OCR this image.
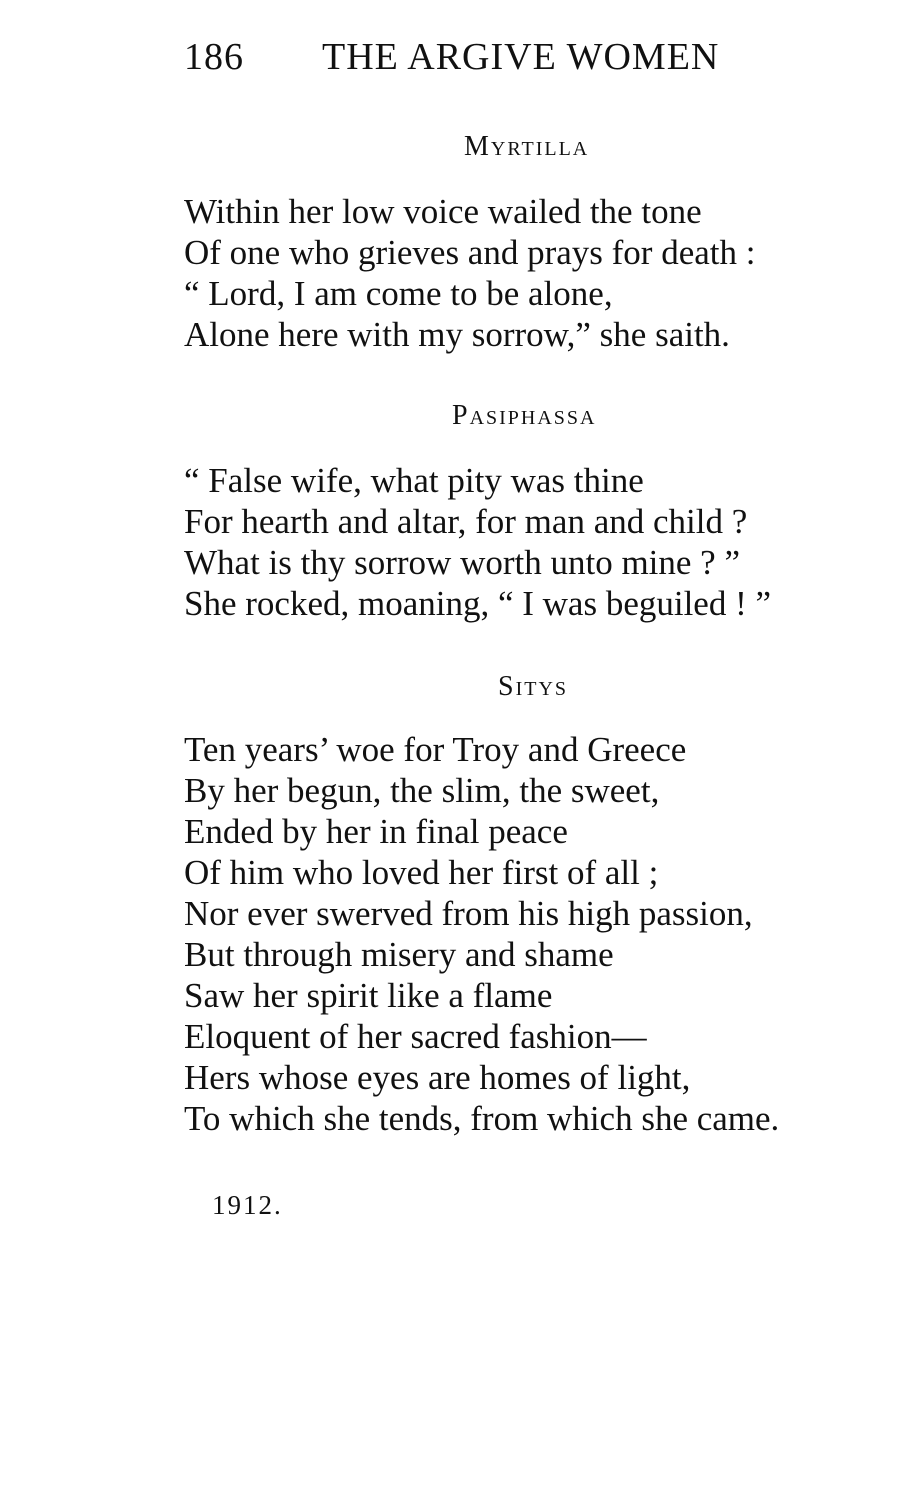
186 THE ARGIVE WOMEN
Myrtilla
Within her low voice wailed the tone
Of one who grieves and prays for death :
“ Lord, I am come to be alone,
Alone here with my sorrow,” she saith.
Pasiphassa
“ False wife, what pity was thine
For hearth and altar, for man and child ?
What is thy sorrow worth unto mine ? ”
She rocked, moaning, “ I was beguiled ! ”
Sitys
Ten years’ woe for Troy and Greece
By her begun, the slim, the sweet,
Ended by her in final peace
Of him who loved her first of all ;
Nor ever swerved from his high passion,
But through misery and shame
Saw her spirit like a flame
Eloquent of her sacred fashion—
Hers whose eyes are homes of light,
To which she tends, from which she came.
1912.
